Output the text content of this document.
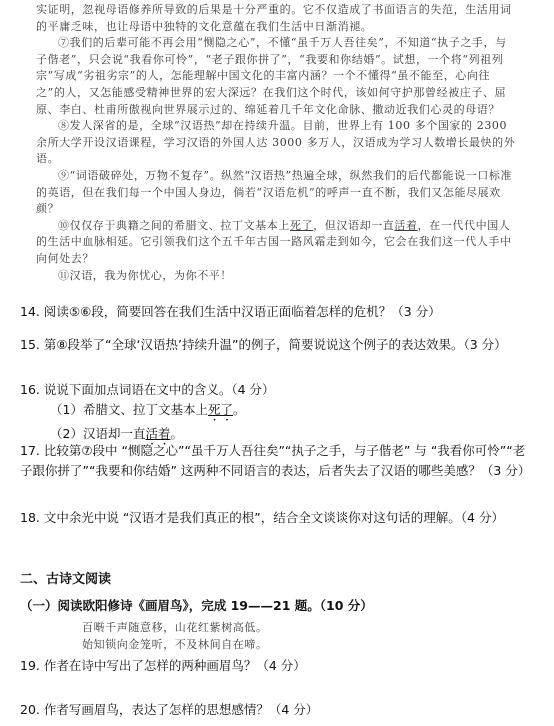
实证明，忽视母语修养所导致的后果是十分严重的。它不仅造成了书面语言的失范，生活用词的平庸乏味，也让母语中独特的文化意蕴在我们生活中日渐消褪。

⑦我们的后辈可能不再会用“恻隐之心”，不懂“虽千万人吾往矣”，不知道“执子之手，与子偕老”，只会说“我看你可怜”，“老子跟你拼了”，“我要和你结婚”。试想，一个将“列祖列宗”写成“劣祖劣宗”的人，怎能理解中国文化的丰富内涵？一个不懂得“虽不能至，心向往之”的人，又怎能感受精神世界的宏大深远？在我们这个时代，该如何守护那曾经被庄子、屈原、李白、杜甫所傲视向世界展示过的、绵延着几千年文化命脉、撒动近我们心灵的母语？

⑧发人深省的是，全球“汉语热”却在持续升温。目前，世界上有 100 多个国家的 2300 余所大学开设汉语课程，学习汉语的外国人达 3000 多万人，汉语成为学习人数增长最快的外语。

⑨“词语破碎处，万物不复存”。纵然“汉语热”热遍全球，纵然我们的后代都能说一口标准的英语，但在我们每一个中国人身边，倘若“汉语危机”的呼声一直不断，我们又怎能尽展欢颜？

⑩仅仅存于典籍之间的希腊文、拉丁文基本上死了，但汉语却一直活着，在一代代中国人的生活中血脉相延。它引领我们这个五千年古国一路风霜走到如今，它会在我们这一代人手中向何处去？

⑪汉语，我为你忧心，为你不平！

14. 阅读⑤⑥段，简要回答在我们生活中汉语正面临着怎样的危机？（3 分）
15. 第⑧段举了“全球‘汉语热’持续升温”的例子，简要说说这个例子的表达效果。（3 分）
16. 说说下面加点词语在文中的含义。（4 分）
（1）希腊文、拉丁文基本上死了。
（2）汉语却一直活着。
17. 比较第⑦段中 “恻隐之心”“虽千万人吾往矣”“执子之手，与子偕老” 与 “我看你可怜”“老子跟你拼了”“我要和你结婚” 这两种不同语言的表达，后者失去了汉语的哪些美感？（3 分）
18. 文中余光中说 “汉语才是我们真正的根”，结合全文谈谈你对这句话的理解。（4 分）
二、古诗文阅读
（一）阅读欧阳修诗《画眉鸟》，完成 19——21 题。（10 分）
百啭千声随意移，山花红紫树高低。
始知锁向金笼听，不及林间自在啼。
19. 作者在诗中写出了怎样的两种画眉鸟？（4 分）
20. 作者写画眉鸟，表达了怎样的思想感情？（4 分）
